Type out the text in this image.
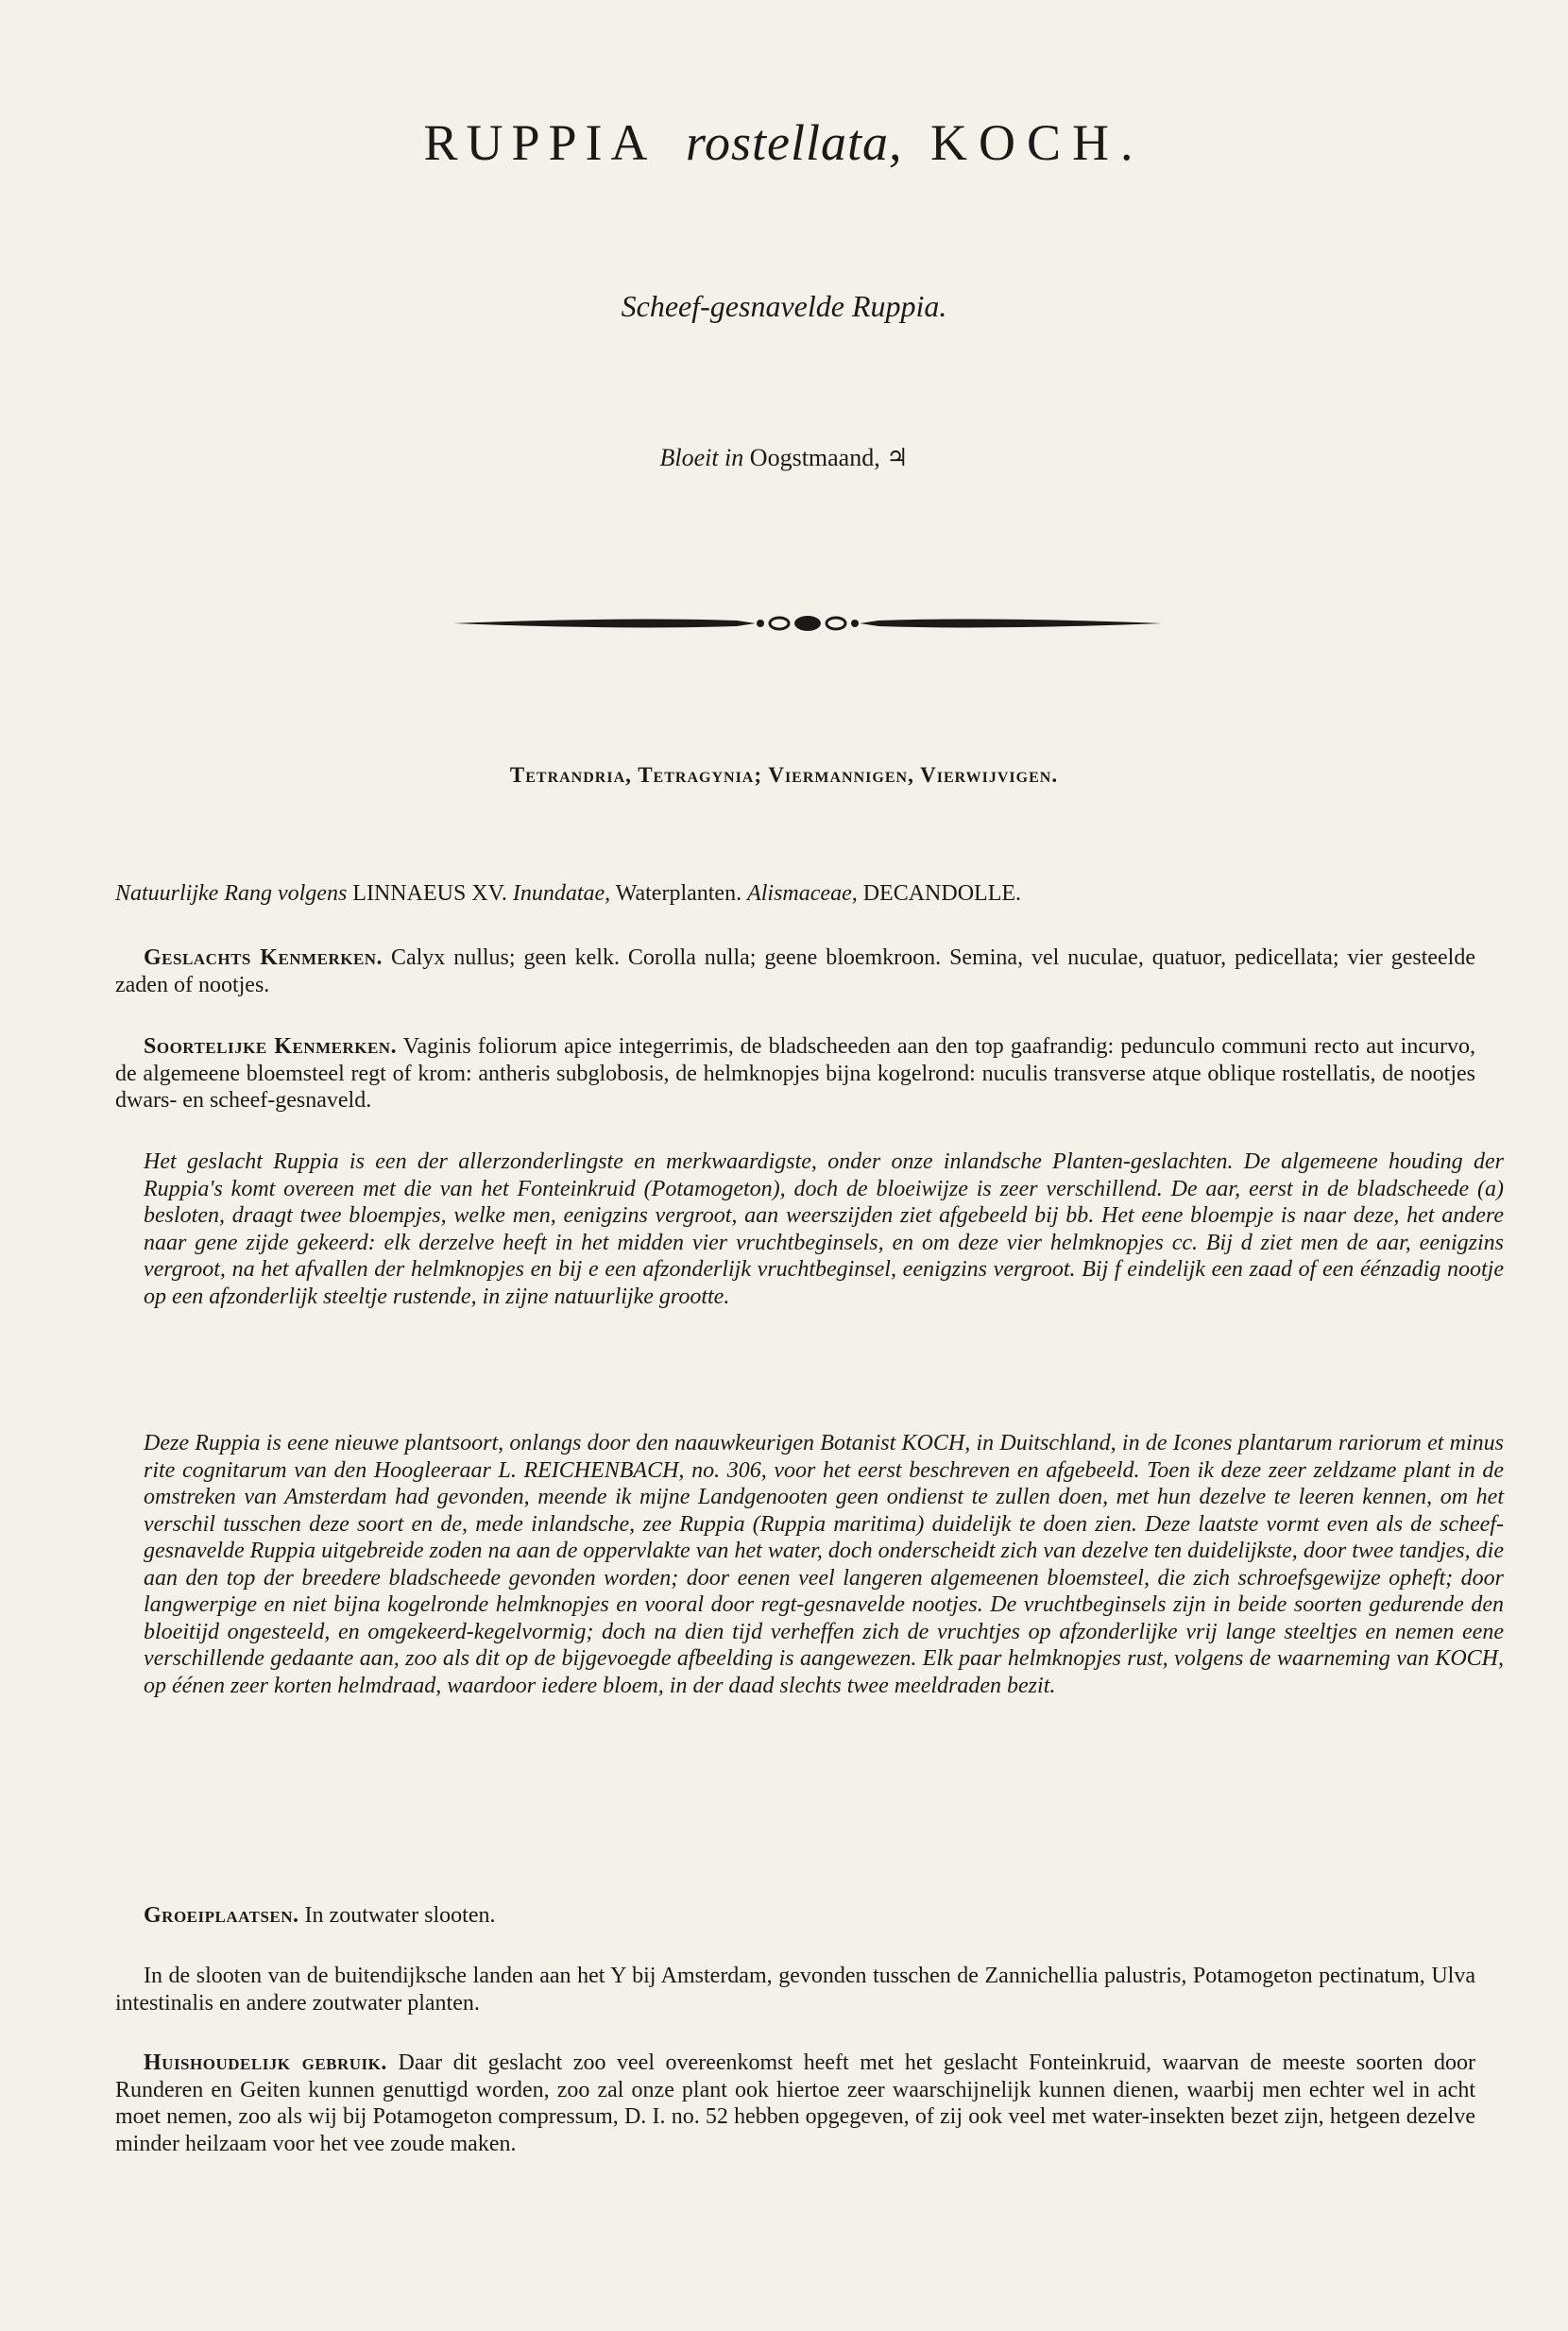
RUPPIA rostellata, KOCH.
Scheef-gesnavelde Ruppia.
Bloeit in Oogstmaand, ♃
Tetrandria, Tetragynia; Viermannigen, Vierwijvigen.
Natuurlijke Rang volgens LINNAEUS XV. Inundatae, Waterplanten. Alismaceae, DECANDOLLE.
Geslachts Kenmerken. Calyx nullus; geen kelk. Corolla nulla; geene bloemkroon. Semina, vel nuculae, quatuor, pedicellata; vier gesteelde zaden of nootjes.
Soortelijke Kenmerken. Vaginis foliorum apice integerrimis, de bladscheeden aan den top gaafrandig: pedunculo communi recto aut incurvo, de algemeene bloemsteel regt of krom: antheris subglobosis, de helmknopjes bijna kogelrond: nuculis transverse atque oblique rostellatis, de nootjes dwars- en scheef-gesnaveld.

Het geslacht Ruppia is een der allerzonderlingste en merkwaardigste, onder onze inlandsche Planten-geslachten. De algemeene houding der Ruppia's komt overeen met die van het Fonteinkruid (Potamogeton), doch de bloeiwijze is zeer verschillend. De aar, eerst in de bladscheede (a) besloten, draagt twee bloempjes, welke men, eenigzins vergroot, aan weerszijden ziet afgebeeld bij bb. Het eene bloempje is naar deze, het andere naar gene zijde gekeerd: elk derzelve heeft in het midden vier vruchtbeginsels, en om deze vier helmknopjes cc. Bij d ziet men de aar, eenigzins vergroot, na het afvallen der helmknopjes en bij e een afzonderlijk vruchtbeginsel, eenigzins vergroot. Bij f eindelijk een zaad of een éénzadig nootje op een afzonderlijk steeltje rustende, in zijne natuurlijke grootte.

Deze Ruppia is eene nieuwe plantsoort, onlangs door den naauwkeurigen Botanist KOCH, in Duitschland, in de Icones plantarum rariorum et minus rite cognitarum van den Hoogleeraar L. REICHENBACH, no. 306, voor het eerst beschreven en afgebeeld. Toen ik deze zeer zeldzame plant in de omstreken van Amsterdam had gevonden, meende ik mijne Landgenooten geen ondienst te zullen doen, met hun dezelve te leeren kennen, om het verschil tusschen deze soort en de, mede inlandsche, zee Ruppia (Ruppia maritima) duidelijk te doen zien. Deze laatste vormt even als de scheef-gesnavelde Ruppia uitgebreide zoden na aan de oppervlakte van het water, doch onderscheidt zich van dezelve ten duidelijkste, door twee tandjes, die aan den top der breedere bladscheede gevonden worden; door eenen veel langeren algemeenen bloemsteel, die zich schroefsgewijze opheft; door langwerpige en niet bijna kogelronde helmknopjes en vooral door regt-gesnavelde nootjes. De vruchtbeginsels zijn in beide soorten gedurende den bloeitijd ongesteeld, en omgekeerd-kegelvormig; doch na dien tijd verheffen zich de vruchtjes op afzonderlijke vrij lange steeltjes en nemen eene verschillende gedaante aan, zoo als dit op de bijgevoegde afbeelding is aangewezen. Elk paar helmknopjes rust, volgens de waarneming van KOCH, op éénen zeer korten helmdraad, waardoor iedere bloem, in der daad slechts twee meeldraden bezit.

Groeiplaatsen. In zoutwater slooten.

In de slooten van de buitendijksche landen aan het Y bij Amsterdam, gevonden tusschen de Zannichellia palustris, Potamogeton pectinatum, Ulva intestinalis en andere zoutwater planten.

Huishoudelijk gebruik. Daar dit geslacht zoo veel overeenkomst heeft met het geslacht Fonteinkruid, waarvan de meeste soorten door Runderen en Geiten kunnen genuttigd worden, zoo zal onze plant ook hiertoe zeer waarschijnelijk kunnen dienen, waarbij men echter wel in acht moet nemen, zoo als wij bij Potamogeton compressum, D. I. no. 52 hebben opgegeven, of zij ook veel met water-insekten bezet zijn, hetgeen dezelve minder heilzaam voor het vee zoude maken.
